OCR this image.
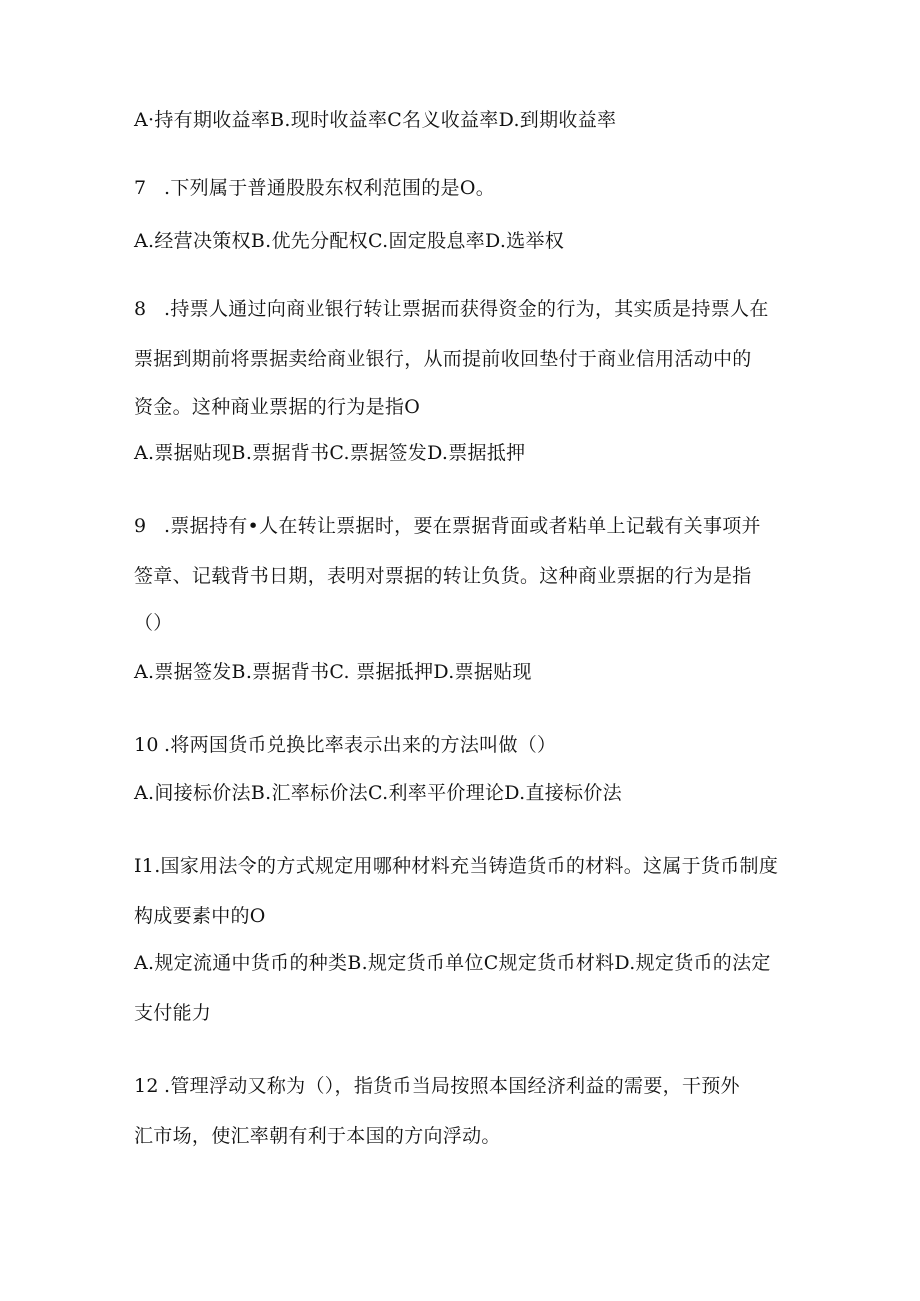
A·持有期收益率B.现时收益率C名义收益率D.到期收益率
7 .下列属于普通股股东权利范围的是O。
A.经营决策权B.优先分配权C.固定股息率D.选举权
8 .持票人通过向商业银行转让票据而获得资金的行为，其实质是持票人在
票据到期前将票据卖给商业银行，从而提前收回垫付于商业信用活动中的
资金。这种商业票据的行为是指O
A.票据贴现B.票据背书C.票据签发D.票据抵押
9 .票据持有•人在转让票据时，要在票据背面或者粘单上记载有关事项并
签章、记载背书日期，表明对票据的转让负货。这种商业票据的行为是指
（）
A.票据签发B.票据背书C. 票据抵押D.票据贴现
10 .将两国货币兑换比率表示出来的方法叫做（）
A.间接标价法B.汇率标价法C.利率平价理论D.直接标价法
I1.国家用法令的方式规定用哪种材料充当铸造货币的材料。这属于货币制度
构成要素中的O
A.规定流通中货币的种类B.规定货币单位C规定货币材料D.规定货币的法定
支付能力
12 .管理浮动又称为（），指货币当局按照本国经济利益的需要，干预外
汇市场，使汇率朝有利于本国的方向浮动。
